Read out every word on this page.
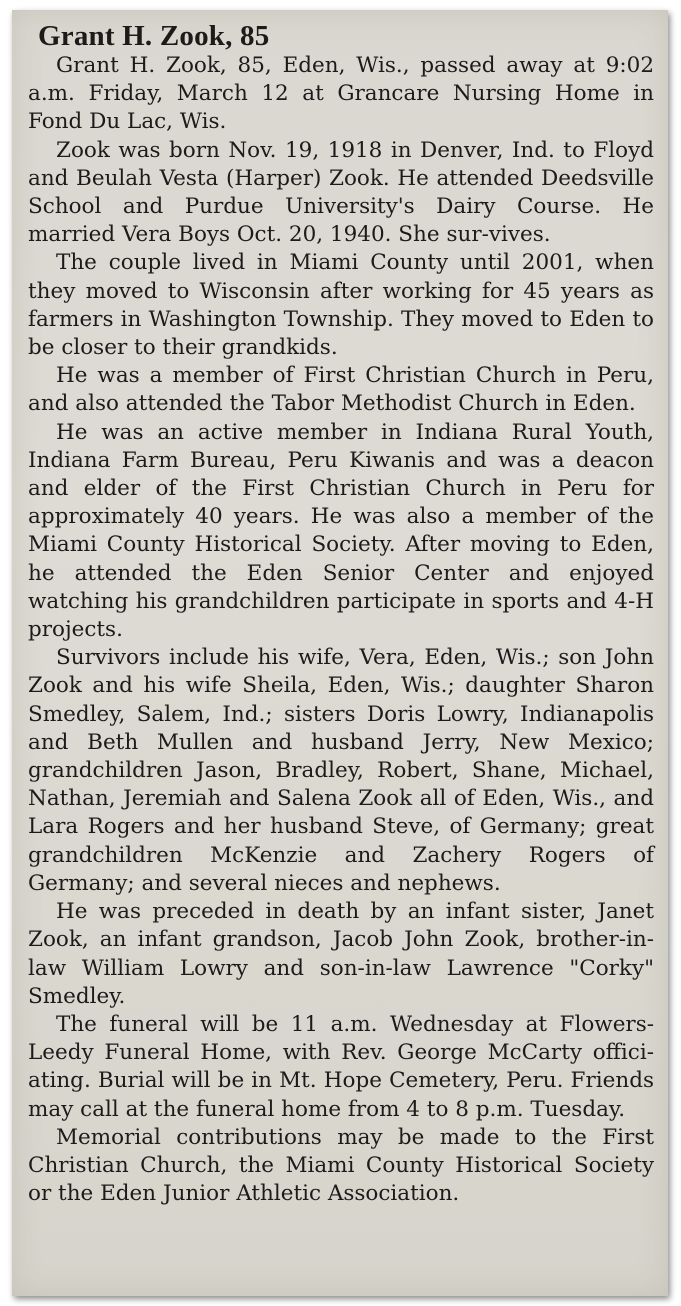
Grant H. Zook, 85

Grant H. Zook, 85, Eden, Wis., passed away at 9:02 a.m. Friday, March 12 at Grancare Nursing Home in Fond Du Lac, Wis.

Zook was born Nov. 19, 1918 in Denver, Ind. to Floyd and Beulah Vesta (Harper) Zook. He attended Deedsville School and Purdue University's Dairy Course. He married Vera Boys Oct. 20, 1940. She sur-vives.

The couple lived in Miami County until 2001, when they moved to Wisconsin after working for 45 years as farmers in Washington Township. They moved to Eden to be closer to their grandkids.

He was a member of First Christian Church in Peru, and also attended the Tabor Methodist Church in Eden.

He was an active member in Indiana Rural Youth, Indiana Farm Bureau, Peru Kiwanis and was a deacon and elder of the First Christian Church in Peru for approximately 40 years. He was also a member of the Miami County Historical Society. After moving to Eden, he attended the Eden Senior Center and enjoyed watching his grandchildren participate in sports and 4-H projects.

Survivors include his wife, Vera, Eden, Wis.; son John Zook and his wife Sheila, Eden, Wis.; daughter Sharon Smedley, Salem, Ind.; sisters Doris Lowry, Indianapolis and Beth Mullen and husband Jerry, New Mexico; grandchildren Jason, Bradley, Robert, Shane, Michael, Nathan, Jeremiah and Salena Zook all of Eden, Wis., and Lara Rogers and her husband Steve, of Germany; great grandchildren McKenzie and Zachery Rogers of Germany; and several nieces and nephews.

He was preceded in death by an infant sister, Janet Zook, an infant grandson, Jacob John Zook, brother-in-law William Lowry and son-in-law Lawrence "Corky" Smedley.

The funeral will be 11 a.m. Wednesday at Flowers-Leedy Funeral Home, with Rev. George McCarty offici-ating. Burial will be in Mt. Hope Cemetery, Peru. Friends may call at the funeral home from 4 to 8 p.m. Tuesday.

Memorial contributions may be made to the First Christian Church, the Miami County Historical Society or the Eden Junior Athletic Association.
